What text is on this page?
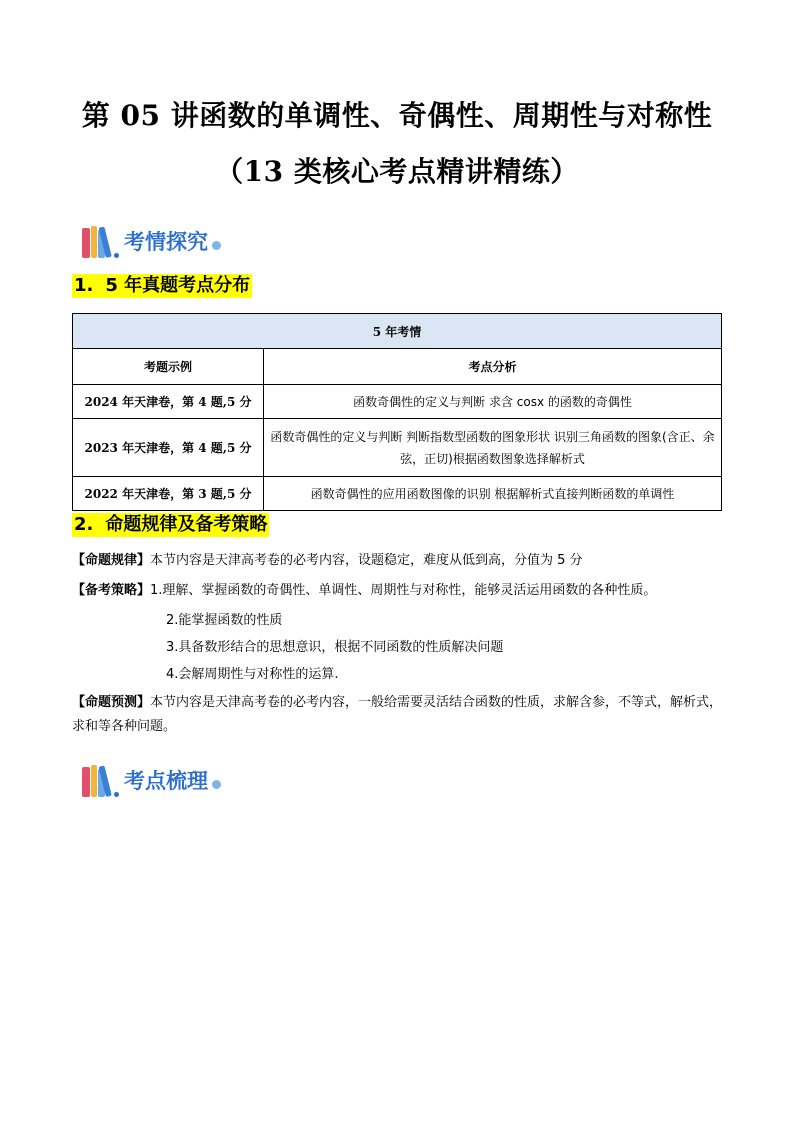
第 05 讲函数的单调性、奇偶性、周期性与对称性
（13 类核心考点精讲精练）
考情探究
1. 5 年真题考点分布
5 年考情	
考题示例	考点分析
2024 年天津卷，第 4 题,5 分	函数奇偶性的定义与判断 求含 cosx 的函数的奇偶性
2023 年天津卷，第 4 题,5 分	函数奇偶性的定义与判断 判断指数型函数的图象形状 识别三角函数的图象(含正、余弦，正切)根据函数图象选择解析式
2022 年天津卷，第 3 题,5 分	函数奇偶性的应用函数图像的识别 根据解析式直接判断函数的单调性
2. 命题规律及备考策略
【命题规律】本节内容是天津高考卷的必考内容，设题稳定，难度从低到高，分值为 5 分
【备考策略】1.理解、掌握函数的奇偶性、单调性、周期性与对称性，能够灵活运用函数的各种性质。
2.能掌握函数的性质
3.具备数形结合的思想意识，根据不同函数的性质解决问题
4.会解周期性与对称性的运算.
【命题预测】本节内容是天津高考卷的必考内容，一般给需要灵活结合函数的性质，求解含参，不等式，解析式，求和等各种问题。
考点梳理
